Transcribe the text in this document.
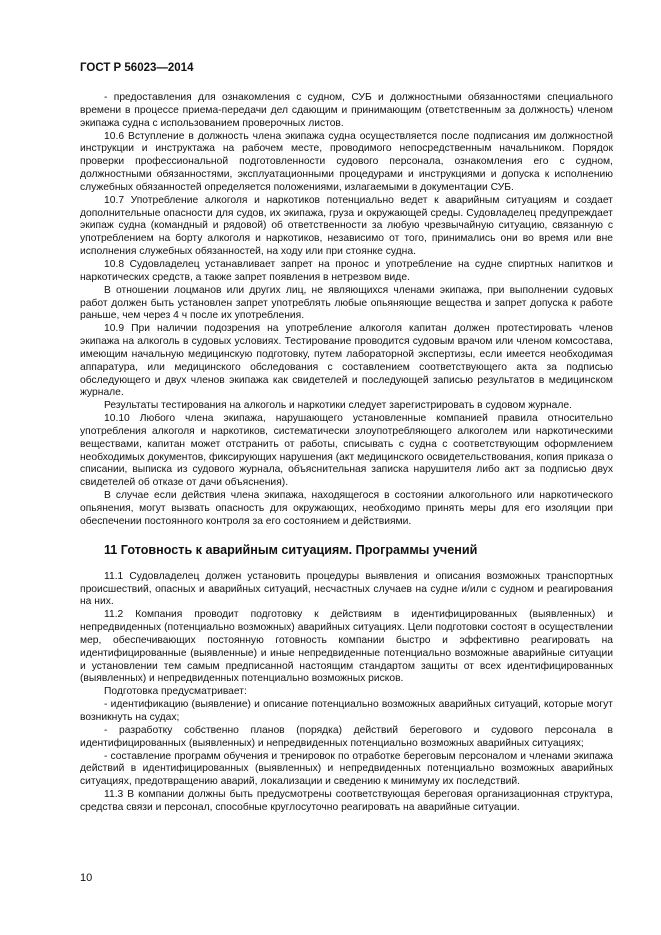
ГОСТ Р 56023—2014

- предоставления для ознакомления с судном, СУБ и должностными обязанностями специального времени в процессе приема-передачи дел сдающим и принимающим (ответственным за должность) членом экипажа судна с использованием проверочных листов.

10.6 Вступление в должность члена экипажа судна осуществляется после подписания им должностной инструкции и инструктажа на рабочем месте, проводимого непосредственным начальником. Порядок проверки профессиональной подготовленности судового персонала, ознакомления его с судном, должностными обязанностями, эксплуатационными процедурами и инструкциями и допуска к исполнению служебных обязанностей определяется положениями, излагаемыми в документации СУБ.

10.7 Употребление алкоголя и наркотиков потенциально ведет к аварийным ситуациям и создает дополнительные опасности для судов, их экипажа, груза и окружающей среды. Судовладелец предупреждает экипаж судна (командный и рядовой) об ответственности за любую чрезвычайную ситуацию, связанную с употреблением на борту алкоголя и наркотиков, независимо от того, принимались они во время или вне исполнения служебных обязанностей, на ходу или при стоянке судна.

10.8 Судовладелец устанавливает запрет на пронос и употребление на судне спиртных напитков и наркотических средств, а также запрет появления в нетрезвом виде.

В отношении лоцманов или других лиц, не являющихся членами экипажа, при выполнении судовых работ должен быть установлен запрет употреблять любые опьяняющие вещества и запрет допуска к работе раньше, чем через 4 ч после их употребления.

10.9 При наличии подозрения на употребление алкоголя капитан должен протестировать членов экипажа на алкоголь в судовых условиях. Тестирование проводится судовым врачом или членом комсостава, имеющим начальную медицинскую подготовку, путем лабораторной экспертизы, если имеется необходимая аппаратура, или медицинского обследования с составлением соответствующего акта за подписью обследующего и двух членов экипажа как свидетелей и последующей записью результатов в медицинском журнале.

Результаты тестирования на алкоголь и наркотики следует зарегистрировать в судовом журнале.

10.10 Любого члена экипажа, нарушающего установленные компанией правила относительно употребления алкоголя и наркотиков, систематически злоупотребляющего алкоголем или наркотическими веществами, капитан может отстранить от работы, списывать с судна с соответствующим оформлением необходимых документов, фиксирующих нарушения (акт медицинского освидетельствования, копия приказа о списании, выписка из судового журнала, объяснительная записка нарушителя либо акт за подписью двух свидетелей об отказе от дачи объяснения).

В случае если действия члена экипажа, находящегося в состоянии алкогольного или наркотического опьянения, могут вызвать опасность для окружающих, необходимо принять меры для его изоляции при обеспечении постоянного контроля за его состоянием и действиями.

11 Готовность к аварийным ситуациям. Программы учений

11.1 Судовладелец должен установить процедуры выявления и описания возможных транспортных происшествий, опасных и аварийных ситуаций, несчастных случаев на судне и/или с судном и реагирования на них.

11.2 Компания проводит подготовку к действиям в идентифицированных (выявленных) и непредвиденных (потенциально возможных) аварийных ситуациях. Цели подготовки состоят в осуществлении мер, обеспечивающих постоянную готовность компании быстро и эффективно реагировать на идентифицированные (выявленные) и иные непредвиденные потенциально возможные аварийные ситуации и установлении тем самым предписанной настоящим стандартом защиты от всех идентифицированных (выявленных) и непредвиденных потенциально возможных рисков.

Подготовка предусматривает:

- идентификацию (выявление) и описание потенциально возможных аварийных ситуаций, которые могут возникнуть на судах;

- разработку собственно планов (порядка) действий берегового и судового персонала в идентифицированных (выявленных) и непредвиденных потенциально возможных аварийных ситуациях;

- составление программ обучения и тренировок по отработке береговым персоналом и членами экипажа действий в идентифицированных (выявленных) и непредвиденных потенциально возможных аварийных ситуациях, предотвращению аварий, локализации и сведению к минимуму их последствий.

11.3 В компании должны быть предусмотрены соответствующая береговая организационная структура, средства связи и персонал, способные круглосуточно реагировать на аварийные ситуации.

10
